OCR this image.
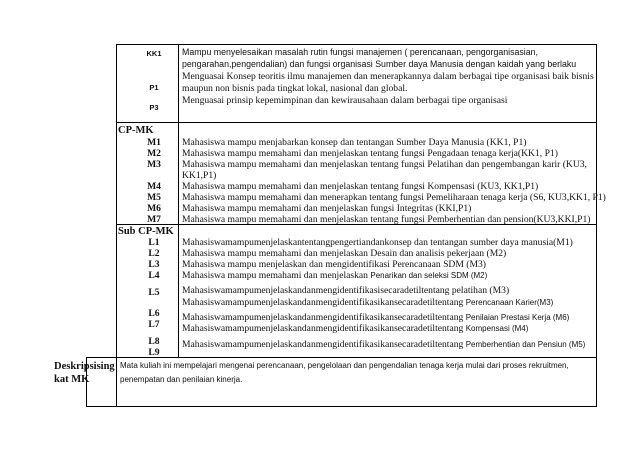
KK1
P1
P3
Mampu menyelesaikan masalah rutin fungsi manajemen ( perencanaan, pengorganisasian,
pengarahan,pengendalian) dan fungsi organisasi Sumber daya Manusia dengan kaidah yang berlaku
Menguasai Konsep teoritis ilmu manajemen dan menerapkannya dalam berbagai tipe organisasi baik bisnis
maupun non bisnis pada tingkat lokal, nasional dan global.
Menguasai prinsip kepemimpinan dan kewirausahaan dalam berbagai tipe organisasi
CP-MK
M1
M2
M3
M4
M5
M6
M7
Mahasiswa mampu menjabarkan konsep dan tentangan Sumber Daya Manusia (KK1, P1)
Mahasiswa mampu memahami dan menjelaskan tentang fungsi Pengadaan tenaga kerja(KK1, P1)
Mahasiswa mampu memahami dan menjelaskan tentang fungsi Pelatihan dan pengembangan karir (KU3,
KK1,P1)
Mahasiswa mampu memahami dan menjelaskan tentang fungsi Kompensasi (KU3, KK1,P1)
Mahasiswa mampu memahami dan menerapkan tentang fungsi Pemeliharaan tenaga kerja (S6, KU3,KK1, P1)
Mahasiswa mampu memahami dan menjelaskan fungsi Integritas (KKI,P1)
Mahasiswa mampu memahami dan menjelaskan tentang fungsi Pemberhentian dan pension(KU3,KKI,P1)
Sub CP-MK
L1
L2
L3
L4
L5
L6
L7
L8
L9
Mahasiswamampumenjelaskantentangpengertiandankonsep dan tentangan sumber daya manusia(M1)
Mahasiswa mampu memahami dan menjelaskan Desain dan analisis pekerjaan (M2)
Mahasiswa mampu menjelaskan dan mengidentifikasi Perencanaan SDM (M3)
Mahasiswa mampu memahami dan menjelaskan Penarikan dan seleksi SDM (M2)
Mahasiswamampumenjelaskandanmengidentifikasisecaradetiltentang pelatihan (M3)
Mahasiswamampumenjelaskandanmengidentifikasikansecaradetiltentang Perencanaan Karier(M3)
Mahasiswamampumenjelaskandanmengidentifikasikansecaradetiltentang Penilaian Prestasi Kerja (M6)
Mahasiswamampumenjelaskandanmengidentifikasikansecaradetiltentang Kompensasi (M4)
Mahasiswamampumenjelaskandanmengidentifikasikansecaradetiltentang Pemberhentian dan Pensiun (M5)
Deskripsising
kat MK
Mata kuliah ini mempelajari mengenai perencanaan, pengelolaan dan pengendalian tenaga kerja mulai dari proses rekruitmen,
penempatan dan penilaian kinerja.
